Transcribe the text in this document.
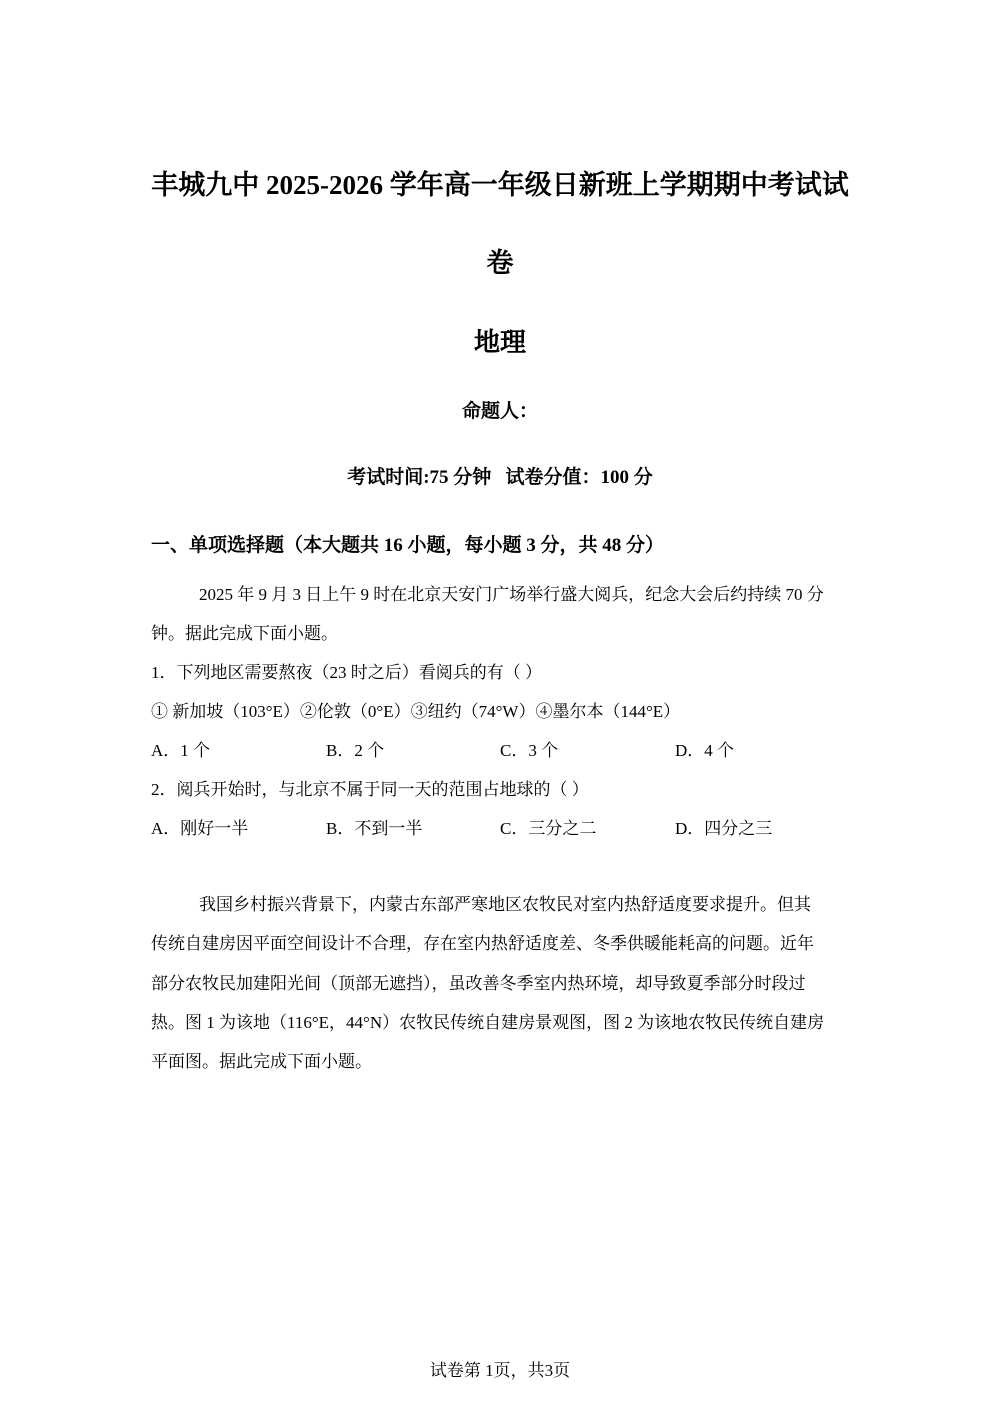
丰城九中 2025-2026 学年高一年级日新班上学期期中考试试
卷
地理
命题人：
考试时间:75 分钟   试卷分值：100 分
一、单项选择题（本大题共 16 小题，每小题 3 分，共 48 分）
2025 年 9 月 3 日上午 9 时在北京天安门广场举行盛大阅兵，纪念大会后约持续 70 分
钟。据此完成下面小题。
1．下列地区需要熬夜（23 时之后）看阅兵的有（ ）
① 新加坡（103°E）②伦敦（0°E）③纽约（74°W）④墨尔本（144°E）
A．1 个	B．2 个	C．3 个	D．4 个
2．阅兵开始时，与北京不属于同一天的范围占地球的（ ）
A．刚好一半	B．不到一半	C．三分之二	D．四分之三
我国乡村振兴背景下，内蒙古东部严寒地区农牧民对室内热舒适度要求提升。但其
传统自建房因平面空间设计不合理，存在室内热舒适度差、冬季供暖能耗高的问题。近年
部分农牧民加建阳光间（顶部无遮挡），虽改善冬季室内热环境，却导致夏季部分时段过
热。图 1 为该地（116°E，44°N）农牧民传统自建房景观图，图 2 为该地农牧民传统自建房
平面图。据此完成下面小题。
试卷第 1页，共3页
